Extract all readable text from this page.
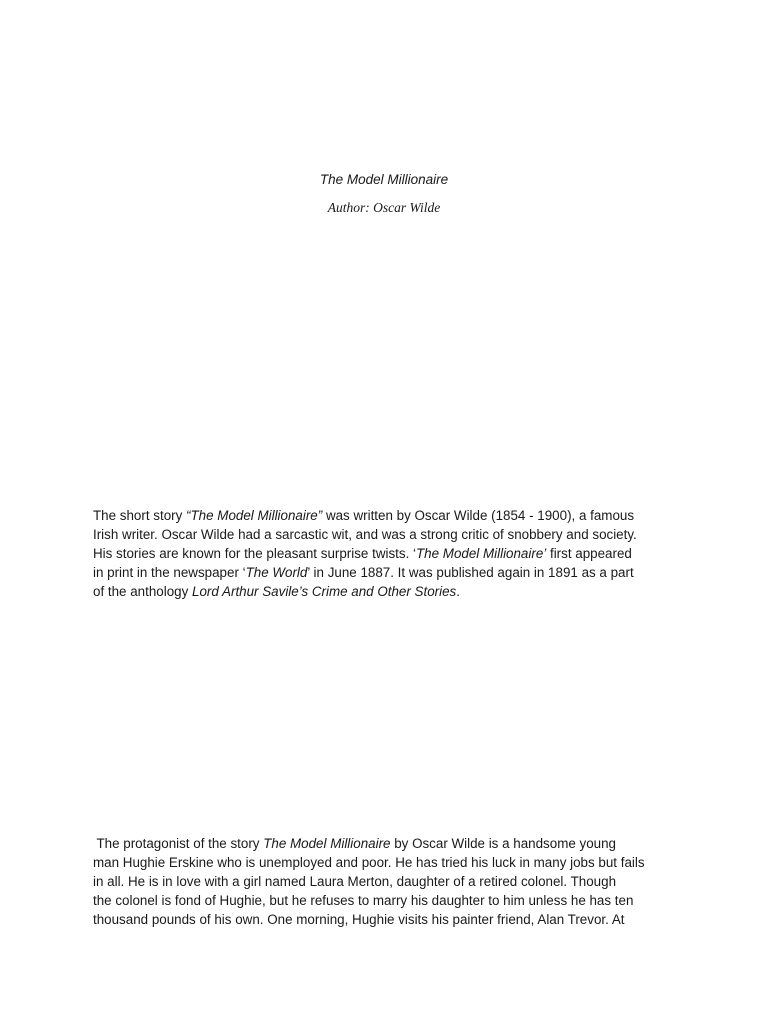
The Model Millionaire
Author: Oscar Wilde

The short story “The Model Millionaire” was written by Oscar Wilde (1854 - 1900), a famous
Irish writer. Oscar Wilde had a sarcastic wit, and was a strong critic of snobbery and society.
His stories are known for the pleasant surprise twists. ‘The Model Millionaire’ first appeared
in print in the newspaper ‘The World’ in June 1887. It was published again in 1891 as a part
of the anthology Lord Arthur Savile’s Crime and Other Stories.

The protagonist of the story The Model Millionaire by Oscar Wilde is a handsome young
man Hughie Erskine who is unemployed and poor. He has tried his luck in many jobs but fails
in all. He is in love with a girl named Laura Merton, daughter of a retired colonel. Though
the colonel is fond of Hughie, but he refuses to marry his daughter to him unless he has ten
thousand pounds of his own. One morning, Hughie visits his painter friend, Alan Trevor. At
